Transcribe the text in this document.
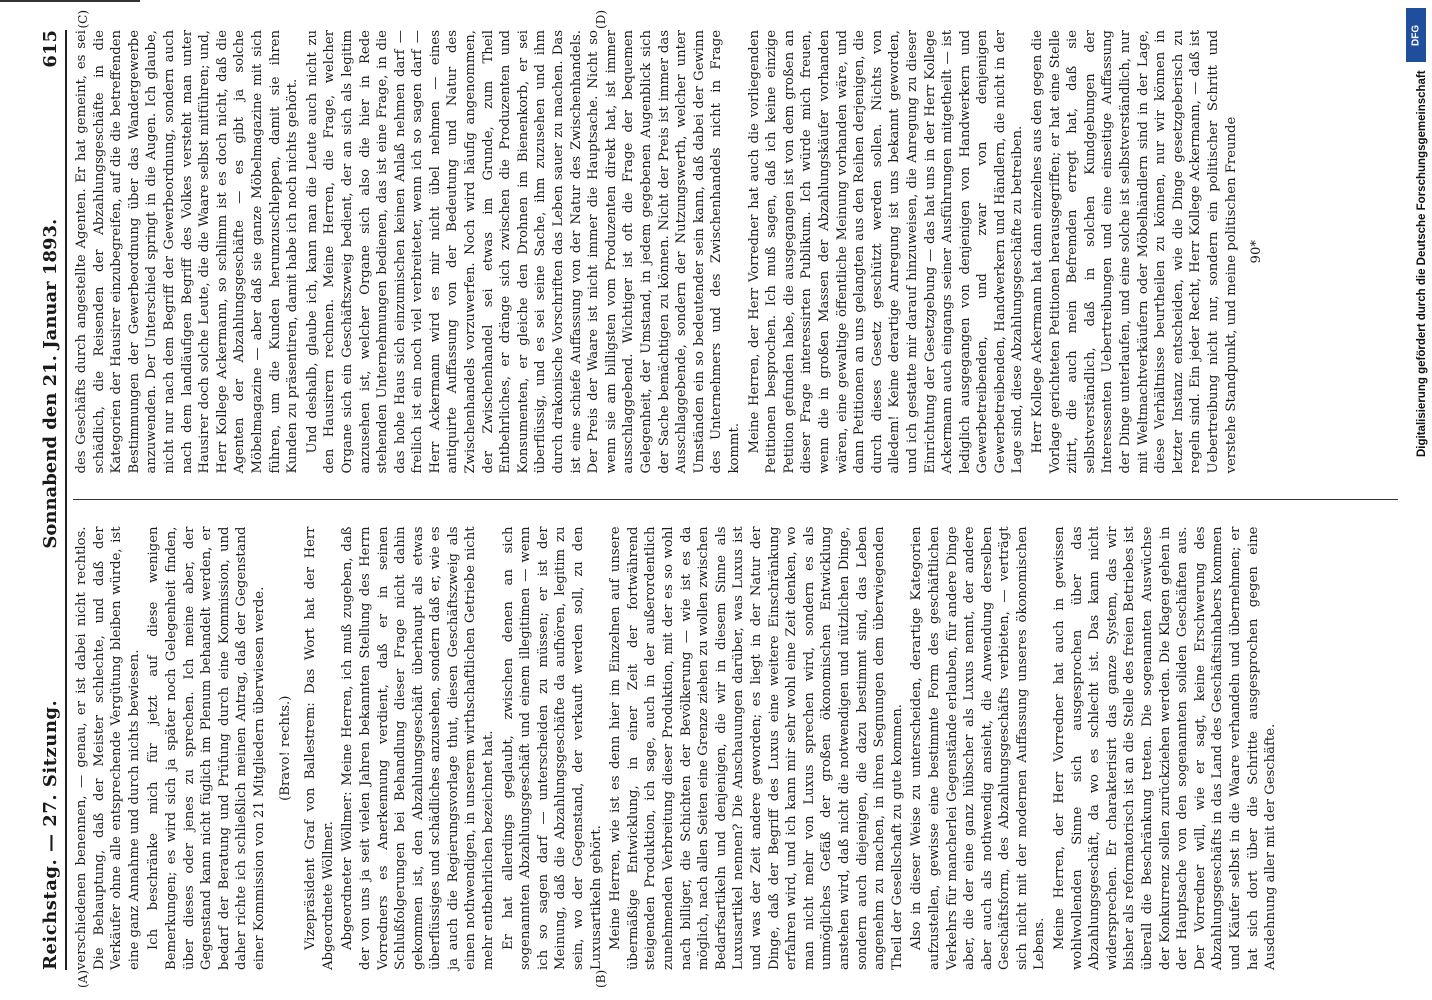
Reichstag. — 27. Sitzung.
Sonnabend den 21. Januar 1893.
615
(A)	(B)

verschiedenen benennen, — genau, er ist dabei nicht rechtlos. Die Behauptung, daß der Meister schlechte, und daß der Verkäufer ohne alle entsprechende Vergütung bleiben würde, ist eine ganz Annahme und durch nichts bewiesen. Ich beschränke mich für jetzt auf diese wenigen Bemerkungen; es wird sich ja später noch Gelegenheit finden, über dieses oder jenes zu sprechen. Ich meine aber, der Gegenstand kann nicht füglich im Plenum behandelt werden, er bedarf der Beratung und Prüfung durch eine Kommission, und daher richte ich schließlich meinen Antrag, daß der Gegenstand einer Kommission von 21 Mitgliedern überwiesen werde. (Bravo! rechts.) Vizepräsident Graf von Ballestrem: Das Wort hat der Herr Abgeordnete Wöllmer. Abgeordneter Wöllmer: Meine Herren, ich muß zugeben, daß der von uns ja seit vielen Jahren bekannten Stellung des Herrn Vorredners es Anerkennung verdient, daß er in seinen Schlußfolgerungen bei Behandlung dieser Frage nicht dahin gekommen ist, den Abzahlungsgeschäft überhaupt als etwas überflüssiges und schädliches anzusehen, sondern daß er, wie es ja auch die Regierungsvorlage thut, diesen Geschäftszweig als einen nothwendigen, in unserem wirthschaftlichen Getriebe nicht mehr entbehrlichen bezeichnet hat. Er hat allerdings geglaubt, zwischen denen an sich sogenannten Abzahlungsgeschäft und einem illegitimen — wenn ich so sagen darf — unterscheiden zu müssen; er ist der Meinung, daß die Abzahlungsgeschäfte da aufhören, legitim zu sein, wo der Gegenstand, der verkauft werden soll, zu den Luxusartikeln gehört. Meine Herren, wie ist es denn hier im Einzelnen auf unsere übermäßige Entwicklung, in einer Zeit der fortwährend steigenden Produktion, ich sage, auch in der außerordentlich zunehmenden Verbreitung dieser Produktion, mit der es so wohl nach billiger, die Schichten der Bevölkerung — wie ist es da möglich, nach allen Seiten eine Grenze ziehen zu wollen zwischen Bedarfsartikeln und denjenigen, die wir in diesem Sinne als Luxusartikel nennen? Die Anschauungen darüber, was Luxus ist und was der Zeit andere geworden; es liegt in der Natur der Dinge, daß der Begriff des Luxus eine weitere Einschränkung erfahren wird, und ich kann mir sehr wohl eine Zeit denken, wo man nicht mehr von Luxus sprechen wird, sondern es als unmögliches Gefäß der großen ökonomischen Entwicklung anstehen wird, daß nicht die notwendigen und nützlichen Dinge, sondern auch diejenigen, die dazu bestimmt sind, das Leben angenehm zu machen, in ihren Segnungen dem überwiegenden Theil der Gesellschaft zu gute kommen. Also in dieser Weise zu unterscheiden, derartige Kategorien aufzustellen, gewisse eine bestimmte Form des geschäftlichen Verkehrs für mancherlei Gegenstände erlauben, für andere Dinge aber, die der eine ganz hübscher als Luxus nennt, der andere aber auch als nothwendig ansieht, die Anwendung derselben Geschäftsform, des Abzahlungsgeschäfts verbieten, — verträgt sich nicht mit der modernen Auffassung unseres ökonomischen Lebens. Meine Herren, der Herr Vorredner hat auch in gewissen wohlwollenden Sinne sich ausgesprochen über das Abzahlungsgeschäft, da wo es schlecht ist. Das kann nicht widersprechen. Er charakterisirt das ganze System, das wir bisher als reformatorisch ist an die Stelle des freien Betriebes ist überall die Beschränkung treten. Die sogenannten Auswüchse der Konkurrenz sollen zurückziehen werden. Die Klagen gehen in der Hauptsache von den sogenannten soliden Geschäften aus. Der Vorredner will, wie er sagt, keine Erschwerung des Abzahlungsgeschäfts in das Land des Geschäftsinhabers kommen und Käufer selbst in die Waare verhandeln und übernehmen; er hat sich dort über die Schritte ausgesprochen gegen eine Ausdehnung aller mit der Geschäfte.

(C)	(D)

des Geschäfts durch angestellte Agenten. Er hat gemeint, es sei schädlich, die Reisenden der Abzahlungsgeschäfte in die Kategorien der Hausirer einzubegreifen, auf die die betreffenden Bestimmungen der Gewerbeordnung über das Wandergewerbe anzuwenden. Der Unterschied springt in die Augen. Ich glaube, nicht nur nach dem Begriff der Gewerbeordnung, sondern auch nach dem landläufigen Begriff des Volkes versteht man unter Hausirer doch solche Leute, die die Waare selbst mitführen; und, Herr Kollege Ackermann, so schlimm ist es doch nicht, daß die Agenten der Abzahlungsgeschäfte — es gibt ja solche Möbelmagazine — aber daß sie ganze Möbelmagazine mit sich führen, um die Kunden herumzuschleppen, damit sie ihren Kunden zu präsentiren, damit habe ich noch nichts gehört. Und deshalb, glaube ich, kann man die Leute auch nicht zu den Hausirern rechnen. Meine Herren, die Frage, welcher Organe sich ein Geschäftszweig bedient, der an sich als legitim anzusehen ist, welcher Organe sich also die hier in Rede stehenden Unternehmungen bedienen, das ist eine Frage, in die das hohe Haus sich einzumischen keinen Anlaß nehmen darf — freilich ist ein noch viel verbreiteter, wenn ich so sagen darf — Herr Ackermann wird es mir nicht übel nehmen — eines antiquirte Auffassung von der Bedeutung und Natur des Zwischenhandels vorzuwerfen. Noch wird häufig angenommen, der Zwischenhandel sei etwas im Grunde, zum Theil Entbehrliches, er dränge sich zwischen die Produzenten und Konsumenten, er gleiche den Drohnen im Bienenkorb, er sei überflüssig, und es sei seine Sache, ihm zuzusehen und ihm durch drakonische Vorschriften das Leben sauer zu machen. Das ist eine schiefe Auffassung von der Natur des Zwischenhandels. Der Preis der Waare ist nicht immer die Hauptsache. Nicht so wenn sie am billigsten vom Produzenten direkt hat, ist immer ausschlaggebend. Wichtiger ist oft die Frage der bequemen Gelegenheit, der Umstand, in jedem gegebenen Augenblick sich der Sache bemächtigen zu können. Nicht der Preis ist immer das Ausschlaggebende, sondern der Nutzungswerth, welcher unter Umständen ein so bedeutender sein kann, daß dabei der Gewinn des Unternehmers und des Zwischenhandels nicht in Frage kommt. Meine Herren, der Herr Vorredner hat auch die vorliegenden Petitionen besprochen. Ich muß sagen, daß ich keine einzige Petition gefunden habe, die ausgegangen ist von dem großen an dieser Frage interessirten Publikum. Ich würde mich freuen, wenn die in großen Massen der Abzahlungskäufer vorhanden wären, eine gewaltige öffentliche Meinung vorhanden wäre, und dann Petitionen an uns gelangten aus den Reihen derjenigen, die durch dieses Gesetz geschützt werden sollen. Nichts von alledem! Keine derartige Anregung ist uns bekannt geworden, und ich gestatte mir darauf hinzuweisen, die Anregung zu dieser Einrichtung der Gesetzgebung — das hat uns in der Herr Kollege Ackermann auch eingangs seiner Ausführungen mitgetheilt — ist lediglich ausgegangen von denjenigen von Handwerkern und Gewerbetreibenden, und zwar von denjenigen Gewerbetreibenden, Handwerkern und Händlern, die nicht in der Lage sind, diese Abzahlungsgeschäfte zu betreiben. Herr Kollege Ackermann hat dann einzelnes aus den gegen die Vorlage gerichteten Petitionen herausgegriffen; er hat eine Stelle zitirt, die auch mein Befremden erregt hat, daß sie selbstverständlich, daß in solchen Kundgebungen der Interessenten Uebertreibungen und eine einseitige Auffassung der Dinge unterlaufen, und eine solche ist selbstverständlich, nur mit Weltmachtverkäufern oder Möbelhändlern sind in der Lage, diese Verhältnisse beurtheilen zu können, nur wir können in letzter Instanz entscheiden, wie die Dinge gesetzgeberisch zu regeln sind. Ein jeder Recht, Herr Kollege Ackermann, — daß ist Uebertreibung nicht nur, sondern ein politischer Schritt und verstehe Standpunkt, und meine politischen Freunde 90*

DFG
Digitalisierung gefördert durch die Deutsche Forschungsgemeinschaft
